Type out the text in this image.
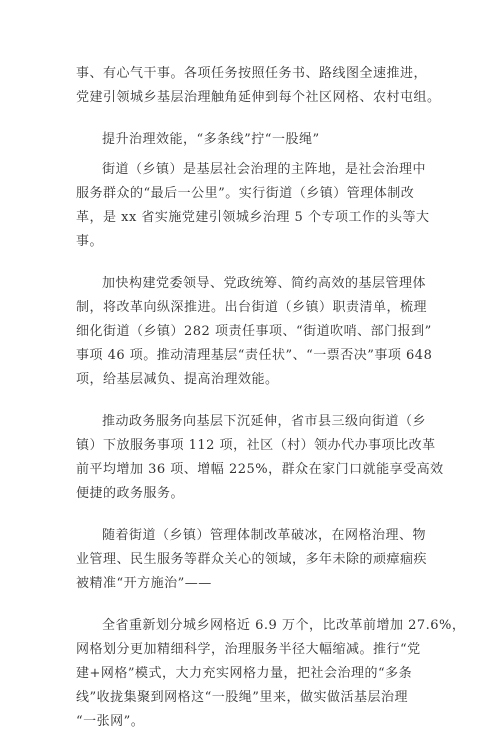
事、有心气干事。各项任务按照任务书、路线图全速推进，
党建引领城乡基层治理触角延伸到每个社区网格、农村屯组。
提升治理效能，“多条线”拧“一股绳”
街道（乡镇）是基层社会治理的主阵地，是社会治理中
服务群众的“最后一公里”。实行街道（乡镇）管理体制改
革，是 xx 省实施党建引领城乡治理 5 个专项工作的头等大
事。
加快构建党委领导、党政统筹、简约高效的基层管理体
制，将改革向纵深推进。出台街道（乡镇）职责清单，梳理
细化街道（乡镇）282 项责任事项、“街道吹哨、部门报到”
事项 46 项。推动清理基层“责任状”、“一票否决”事项 648
项，给基层减负、提高治理效能。
推动政务服务向基层下沉延伸，省市县三级向街道（乡
镇）下放服务事项 112 项，社区（村）领办代办事项比改革
前平均增加 36 项、增幅 225%，群众在家门口就能享受高效
便捷的政务服务。
随着街道（乡镇）管理体制改革破冰，在网格治理、物
业管理、民生服务等群众关心的领域，多年未除的顽瘴痼疾
被精准“开方施治”——
全省重新划分城乡网格近 6.9 万个，比改革前增加 27.6%，
网格划分更加精细科学，治理服务半径大幅缩减。推行“党
建+网格”模式，大力充实网格力量，把社会治理的“多条
线”收拢集聚到网格这“一股绳”里来，做实做活基层治理
“一张网”。
